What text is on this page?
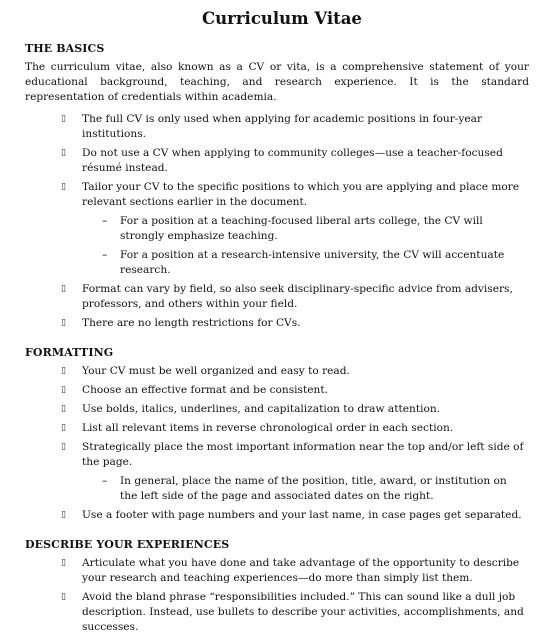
Curriculum Vitae
THE BASICS
The curriculum vitae, also known as a CV or vita, is a comprehensive statement of your educational background, teaching, and research experience. It is the standard representation of credentials within academia.
▯ The full CV is only used when applying for academic positions in four-year institutions.
▯ Do not use a CV when applying to community colleges—use a teacher-focused résumé instead.
▯ Tailor your CV to the specific positions to which you are applying and place more relevant sections earlier in the document.
– For a position at a teaching-focused liberal arts college, the CV will strongly emphasize teaching.
– For a position at a research-intensive university, the CV will accentuate research.
▯ Format can vary by field, so also seek disciplinary-specific advice from advisers, professors, and others within your field.
▯ There are no length restrictions for CVs.
FORMATTING
▯ Your CV must be well organized and easy to read.
▯ Choose an effective format and be consistent.
▯ Use bolds, italics, underlines, and capitalization to draw attention.
▯ List all relevant items in reverse chronological order in each section.
▯ Strategically place the most important information near the top and/or left side of the page.
– In general, place the name of the position, title, award, or institution on the left side of the page and associated dates on the right.
▯ Use a footer with page numbers and your last name, in case pages get separated.
DESCRIBE YOUR EXPERIENCES
▯ Articulate what you have done and take advantage of the opportunity to describe your research and teaching experiences—do more than simply list them.
▯ Avoid the bland phrase “responsibilities included.” This can sound like a dull job description. Instead, use bullets to describe your activities, accomplishments, and successes.
